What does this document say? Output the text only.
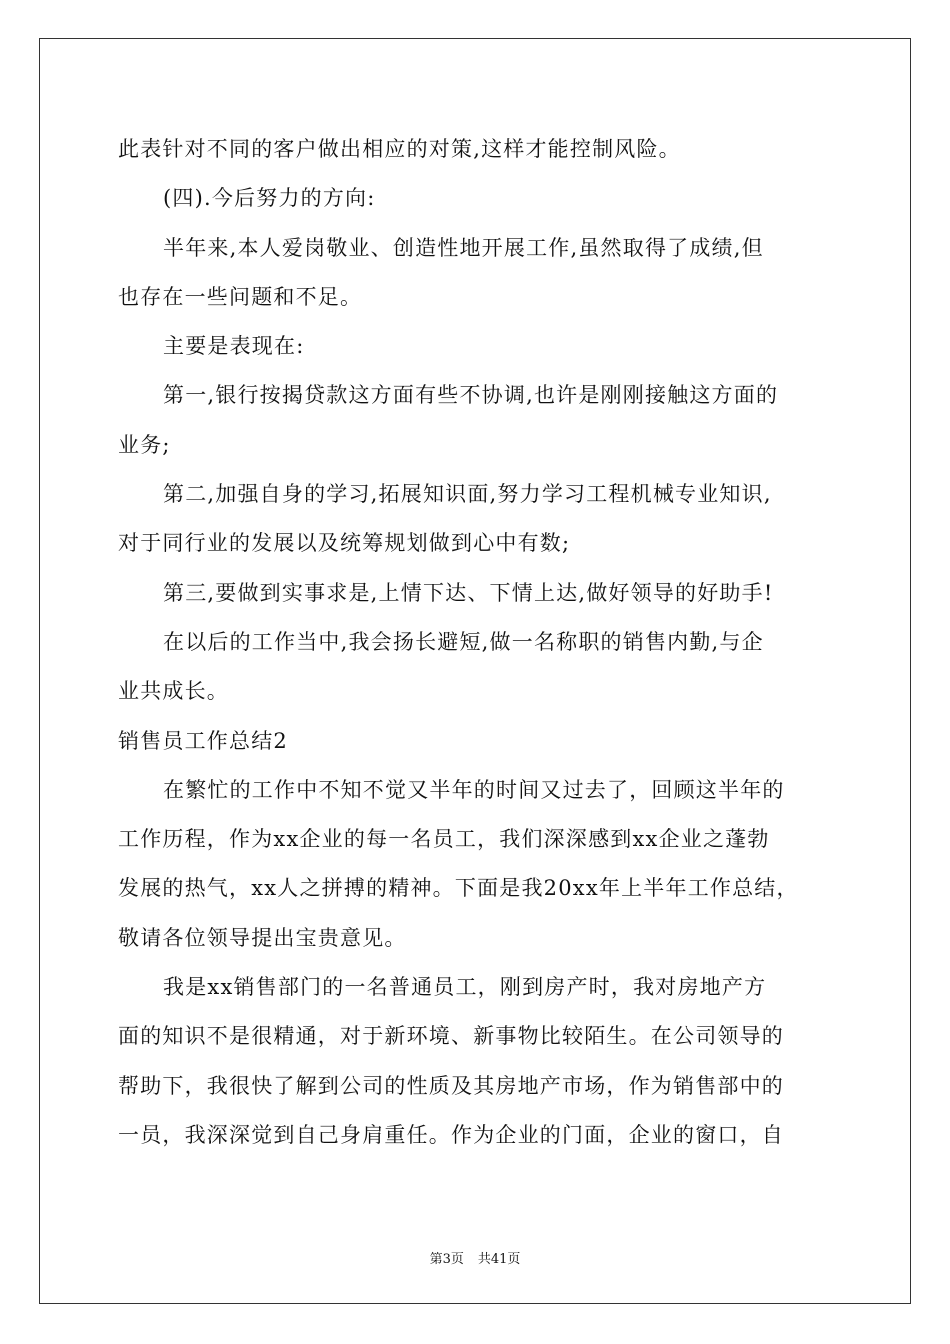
此表针对不同的客户做出相应的对策,这样才能控制风险。
(四).今后努力的方向:
半年来,本人爱岗敬业、创造性地开展工作,虽然取得了成绩,但
也存在一些问题和不足。
主要是表现在:
第一,银行按揭贷款这方面有些不协调,也许是刚刚接触这方面的
业务;
第二,加强自身的学习,拓展知识面,努力学习工程机械专业知识,
对于同行业的发展以及统筹规划做到心中有数;
第三,要做到实事求是,上情下达、下情上达,做好领导的好助手!
在以后的工作当中,我会扬长避短,做一名称职的销售内勤,与企
业共成长。
销售员工作总结2
在繁忙的工作中不知不觉又半年的时间又过去了，回顾这半年的
工作历程，作为xx企业的每一名员工，我们深深感到xx企业之蓬勃
发展的热气，xx人之拼搏的精神。下面是我20xx年上半年工作总结，
敬请各位领导提出宝贵意见。
我是xx销售部门的一名普通员工，刚到房产时，我对房地产方
面的知识不是很精通，对于新环境、新事物比较陌生。在公司领导的
帮助下，我很快了解到公司的性质及其房地产市场，作为销售部中的
一员，我深深觉到自己身肩重任。作为企业的门面，企业的窗口，自
第3页 共41页
